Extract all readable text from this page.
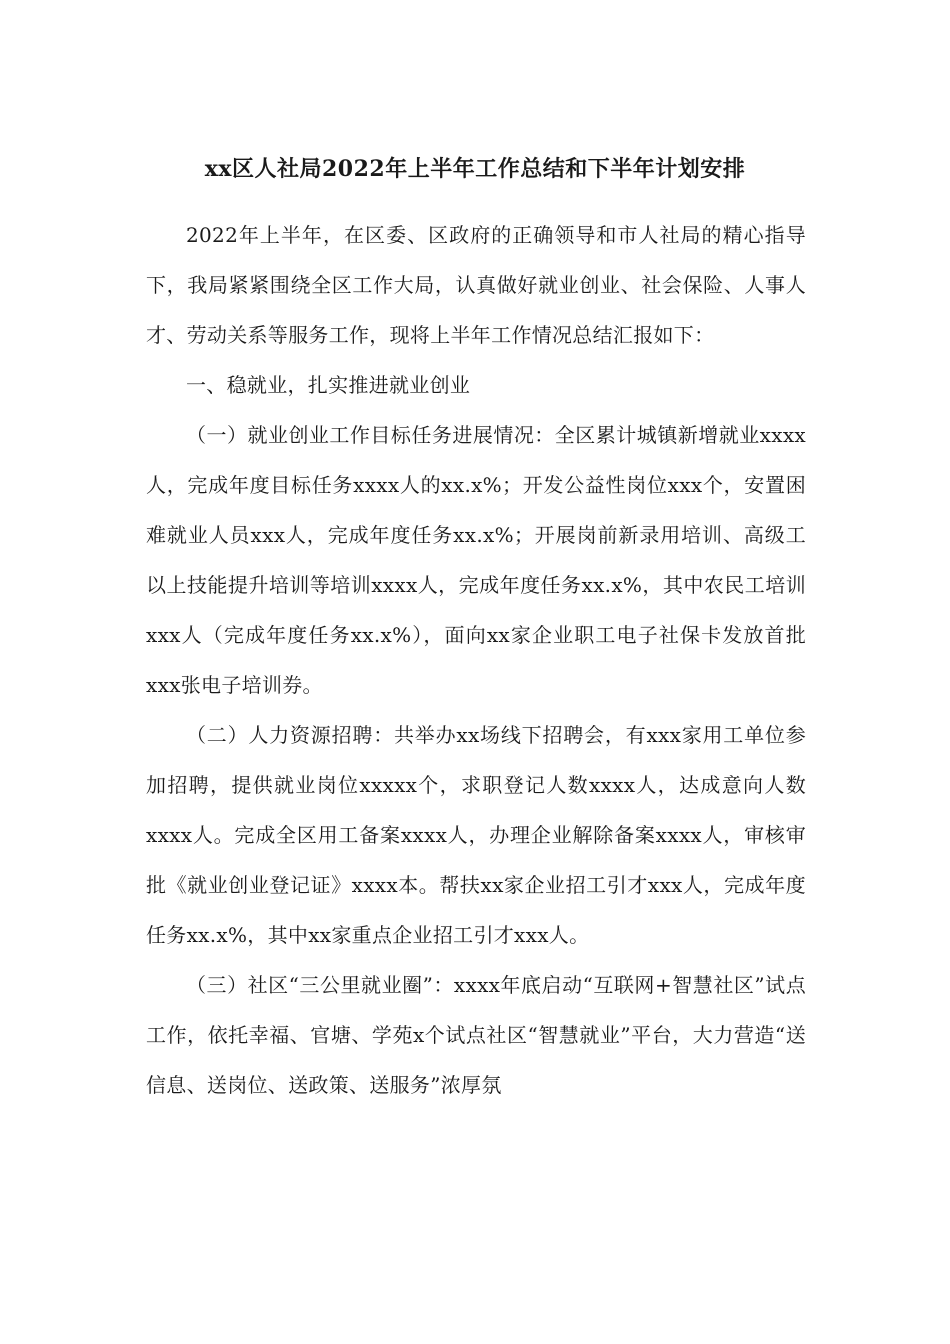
xx区人社局2022年上半年工作总结和下半年计划安排

2022年上半年，在区委、区政府的正确领导和市人社局的精心指导下，我局紧紧围绕全区工作大局，认真做好就业创业、社会保险、人事人才、劳动关系等服务工作，现将上半年工作情况总结汇报如下：

一、稳就业，扎实推进就业创业

（一）就业创业工作目标任务进展情况：全区累计城镇新增就业xxxx人，完成年度目标任务xxxx人的xx.x%；开发公益性岗位xxx个，安置困难就业人员xxx人，完成年度任务xx.x%；开展岗前新录用培训、高级工以上技能提升培训等培训xxxx人，完成年度任务xx.x%，其中农民工培训xxx人（完成年度任务xx.x%），面向xx家企业职工电子社保卡发放首批xxx张电子培训券。

（二）人力资源招聘：共举办xx场线下招聘会，有xxx家用工单位参加招聘，提供就业岗位xxxxx个，求职登记人数xxxx人，达成意向人数xxxx人。完成全区用工备案xxxx人，办理企业解除备案xxxx人，审核审批《就业创业登记证》xxxx本。帮扶xx家企业招工引才xxx人，完成年度任务xx.x%，其中xx家重点企业招工引才xxx人。

（三）社区“三公里就业圈”：xxxx年底启动“互联网+智慧社区”试点工作，依托幸福、官塘、学苑x个试点社区“智慧就业”平台，大力营造“送信息、送岗位、送政策、送服务”浓厚氛
